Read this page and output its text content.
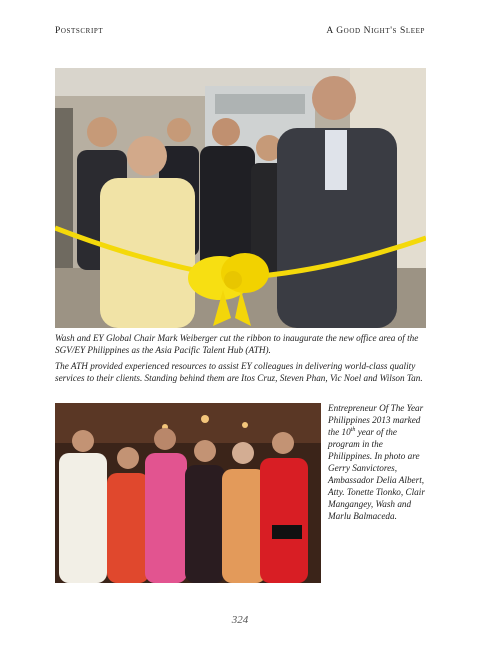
Postscript	A Good Night's Sleep

Wash and EY Global Chair Mark Weiberger cut the ribbon to inaugurate the new office area of the SGV/EY Philippines as the Asia Pacific Talent Hub (ATH).

The ATH provided experienced resources to assist EY colleagues in delivering world-class quality services to their clients. Standing behind them are Itos Cruz, Steven Phan, Vic Noel and Wilson Tan.

Entrepreneur Of The Year Philippines 2013 marked the 10th year of the program in the Philippines. In photo are Gerry Sanvictores, Ambassador Delia Albert, Atty. Tonette Tionko, Clair Mangangey, Wash and Marlu Balmaceda.
324
